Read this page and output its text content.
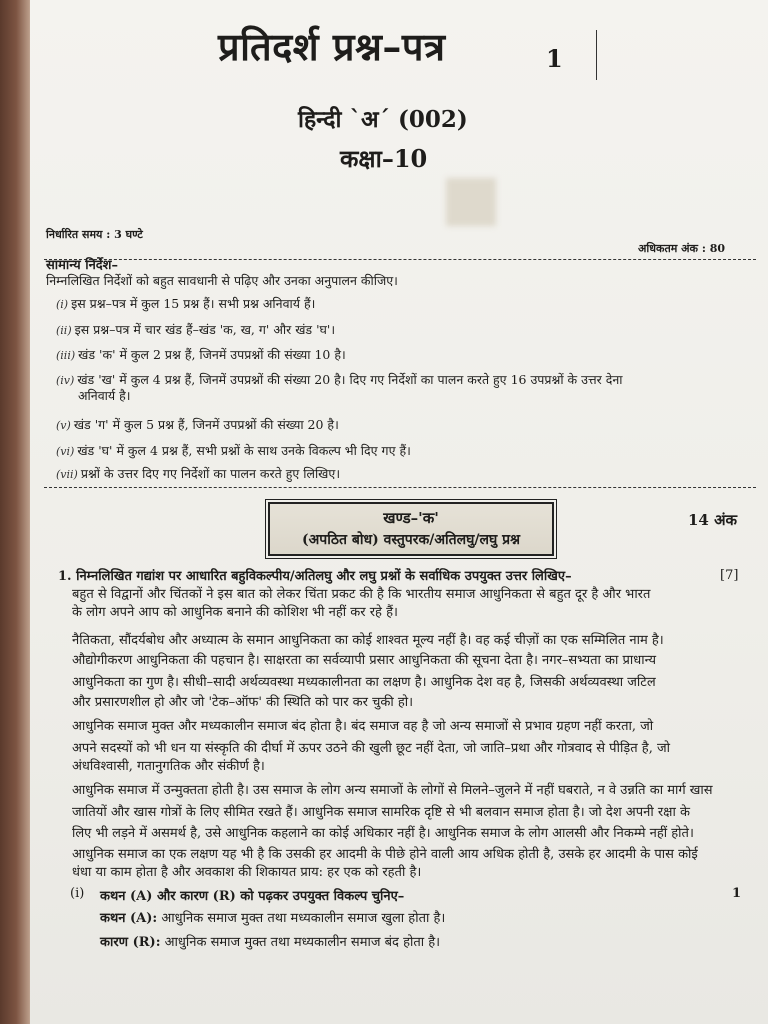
प्रतिदर्श प्रश्न–पत्र	1
हिन्दी `अ´ (002)
कक्षा–10
निर्धारित समय : 3 घण्टे
अधिकतम अंक : 80
सामान्य निर्देश–
निम्नलिखित निर्देशों को बहुत सावधानी से पढ़िए और उनका अनुपालन कीजिए।
(i) इस प्रश्न–पत्र में कुल 15 प्रश्न हैं। सभी प्रश्न अनिवार्य हैं।
(ii) इस प्रश्न–पत्र में चार खंड हैं–खंड 'क, ख, ग' और खंड 'घ'।
(iii) खंड 'क' में कुल 2 प्रश्न हैं, जिनमें उपप्रश्नों की संख्या 10 है।
(iv) खंड 'ख' में कुल 4 प्रश्न हैं, जिनमें उपप्रश्नों की संख्या 20 है। दिए गए निर्देशों का पालन करते हुए 16 उपप्रश्नों के उत्तर देना
अनिवार्य है।
(v) खंड 'ग' में कुल 5 प्रश्न हैं, जिनमें उपप्रश्नों की संख्या 20 है।
(vi) खंड 'घ' में कुल 4 प्रश्न हैं, सभी प्रश्नों के साथ उनके विकल्प भी दिए गए हैं।
(vii) प्रश्नों के उत्तर दिए गए निर्देशों का पालन करते हुए लिखिए।
खण्ड–'क'
(अपठित बोध) वस्तुपरक/अतिलघु/लघु प्रश्न
14 अंक
1. निम्नलिखित गद्यांश पर आधारित बहुविकल्पीय/अतिलघु और लघु प्रश्नों के सर्वाधिक उपयुक्त उत्तर लिखिए–	[7]
बहुत से विद्वानों और चिंतकों ने इस बात को लेकर चिंता प्रकट की है कि भारतीय समाज आधुनिकता से बहुत दूर है और भारत
के लोग अपने आप को आधुनिक बनाने की कोशिश भी नहीं कर रहे हैं।
नैतिकता, सौंदर्यबोध और अध्यात्म के समान आधुनिकता का कोई शाश्वत मूल्य नहीं है। वह कई चीज़ों का एक सम्मिलित नाम है।
औद्योगीकरण आधुनिकता की पहचान है। साक्षरता का सर्वव्यापी प्रसार आधुनिकता की सूचना देता है। नगर–सभ्यता का प्राधान्य
आधुनिकता का गुण है। सीधी–सादी अर्थव्यवस्था मध्यकालीनता का लक्षण है। आधुनिक देश वह है, जिसकी अर्थव्यवस्था जटिल
और प्रसारणशील हो और जो 'टेक–ऑफ' की स्थिति को पार कर चुकी हो।
आधुनिक समाज मुक्त और मध्यकालीन समाज बंद होता है। बंद समाज वह है जो अन्य समाजों से प्रभाव ग्रहण नहीं करता, जो
अपने सदस्यों को भी धन या संस्कृति की दीर्घा में ऊपर उठने की खुली छूट नहीं देता, जो जाति–प्रथा और गोत्रवाद से पीड़ित है, जो
अंधविश्वासी, गतानुगतिक और संकीर्ण है।
आधुनिक समाज में उन्मुक्तता होती है। उस समाज के लोग अन्य समाजों के लोगों से मिलने–जुलने में नहीं घबराते, न वे उन्नति का मार्ग खास
जातियों और खास गोत्रों के लिए सीमित रखते हैं। आधुनिक समाज सामरिक दृष्टि से भी बलवान समाज होता है। जो देश अपनी रक्षा के
लिए भी लड़ने में असमर्थ है, उसे आधुनिक कहलाने का कोई अधिकार नहीं है। आधुनिक समाज के लोग आलसी और निकम्मे नहीं होते।
आधुनिक समाज का एक लक्षण यह भी है कि उसकी हर आदमी के पीछे होने वाली आय अधिक होती है, उसके हर आदमी के पास कोई
धंधा या काम होता है और अवकाश की शिकायत प्राय: हर एक को रहती है।
(i) कथन (A) और कारण (R) को पढ़कर उपयुक्त विकल्प चुनिए–	1
कथन (A): आधुनिक समाज मुक्त तथा मध्यकालीन समाज खुला होता है।
कारण (R): आधुनिक समाज मुक्त तथा मध्यकालीन समाज बंद होता है।
